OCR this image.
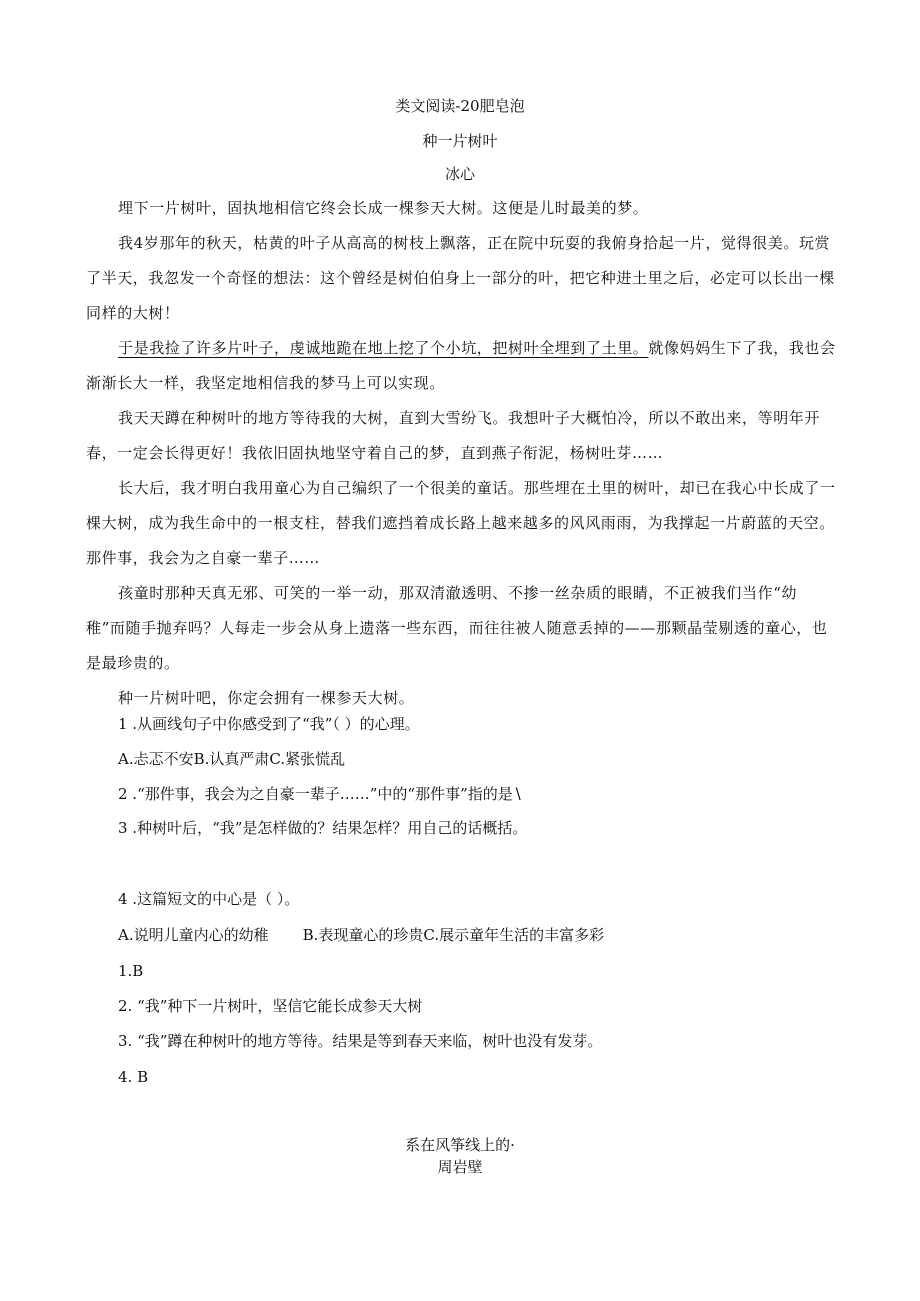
类文阅读-20肥皂泡
种一片树叶
冰心

埋下一片树叶，固执地相信它终会长成一棵参天大树。这便是儿时最美的梦。

我4岁那年的秋天，枯黄的叶子从高高的树枝上飘落，正在院中玩耍的我俯身拾起一片，觉得很美。玩赏了半天，我忽发一个奇怪的想法：这个曾经是树伯伯身上一部分的叶，把它种进土里之后，必定可以长出一棵同样的大树！

于是我捡了许多片叶子，虔诚地跪在地上挖了个小坑，把树叶全埋到了土里。就像妈妈生下了我，我也会渐渐长大一样，我坚定地相信我的梦马上可以实现。

我天天蹲在种树叶的地方等待我的大树，直到大雪纷飞。我想叶子大概怕冷，所以不敢出来，等明年开春，一定会长得更好！我依旧固执地坚守着自己的梦，直到燕子衔泥，杨树吐芽……

长大后，我才明白我用童心为自己编织了一个很美的童话。那些埋在土里的树叶，却已在我心中长成了一棵大树，成为我生命中的一根支柱，替我们遮挡着成长路上越来越多的风风雨雨，为我撑起一片蔚蓝的天空。那件事，我会为之自豪一辈子……

孩童时那种天真无邪、可笑的一举一动，那双清澈透明、不掺一丝杂质的眼睛，不正被我们当作“幼稚”而随手抛弃吗？人每走一步会从身上遗落一些东西，而往往被人随意丢掉的——那颗晶莹剔透的童心，也是最珍贵的。

种一片树叶吧，你定会拥有一棵参天大树。

1 .从画线句子中你感受到了“我”（ ）的心理。
A.忐忑不安B.认真严肃C.紧张慌乱
2 .“那件事，我会为之自豪一辈子……”中的“那件事”指的是∖
3 .种树叶后，“我”是怎样做的？结果怎样？用自己的话概括。
4 .这篇短文的中心是（ ）。
A.说明儿童内心的幼稚 B.表现童心的珍贵C.展示童年生活的丰富多彩
1.B
2. “我”种下一片树叶，坚信它能长成参天大树
3. “我”蹲在种树叶的地方等待。结果是等到春天来临，树叶也没有发芽。
4. B
系在风筝线上的·
周岩壁
